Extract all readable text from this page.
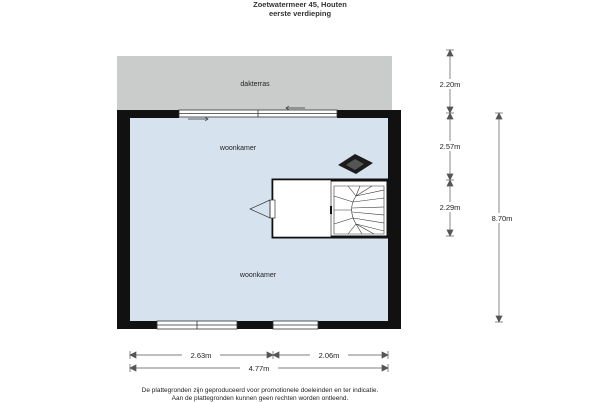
Zoetwatermeer 45, Houten
eerste verdieping
dakterras
woonkamer
woonkamer
2.20m
2.57m
2.29m
8.70m
2.63m	2.06m
4.77m
De plattegronden zijn geproduceerd voor promotionele doeleinden en ter indicatie.
Aan de plattegronden kunnen geen rechten worden ontleend.
